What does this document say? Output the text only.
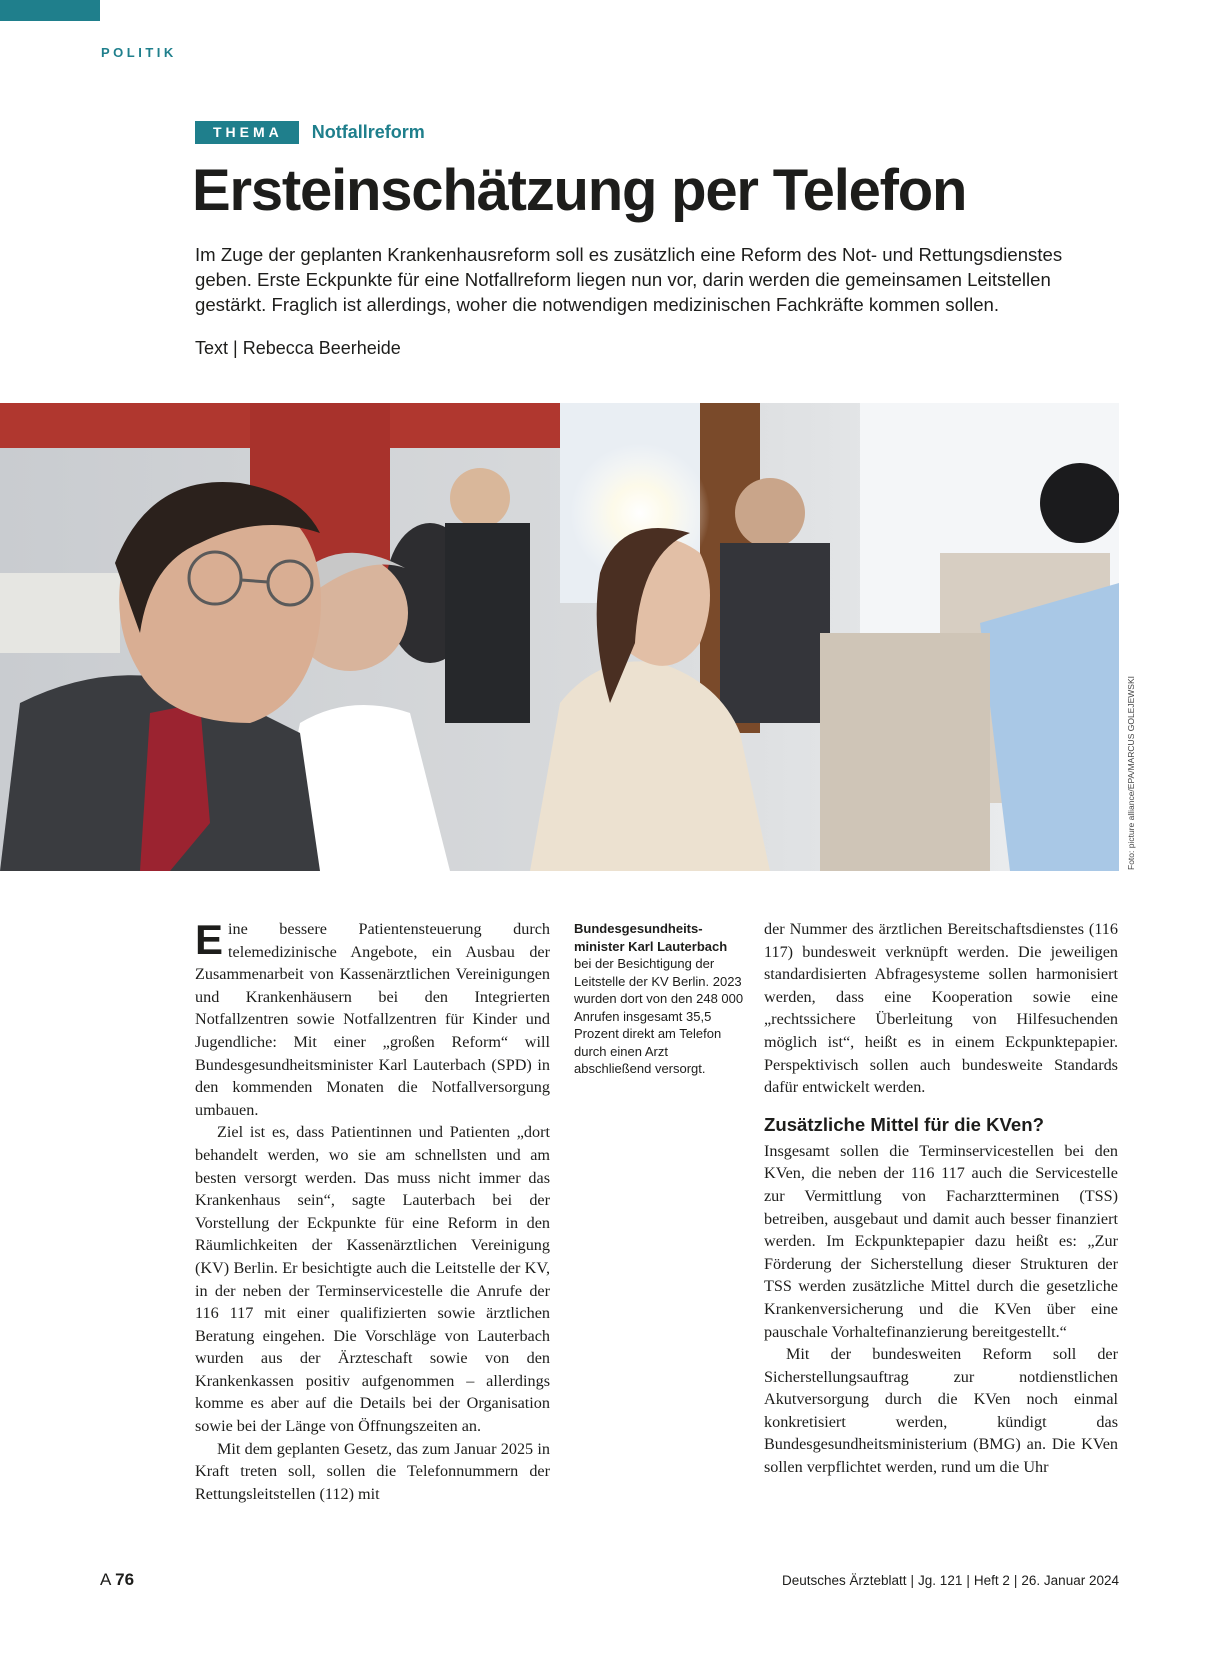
POLITIK
THEMA	Notfallreform
Ersteinschätzung per Telefon

Im Zuge der geplanten Krankenhausreform soll es zusätzlich eine Reform des Not- und Rettungsdienstes geben. Erste Eckpunkte für eine Notfallreform liegen nun vor, darin werden die gemeinsamen Leitstellen gestärkt. Fraglich ist allerdings, woher die notwendigen medizinischen Fachkräfte kommen sollen.

Text | Rebecca Beerheide
Foto: picture alliance/EPA/MARCUS GOLEJEWSKI

Eine bessere Patientensteuerung durch telemedizinische Angebote, ein Ausbau der Zusammenarbeit von Kassenärztlichen Vereinigungen und Krankenhäusern bei den Integrierten Notfallzentren sowie Notfallzentren für Kinder und Jugendliche: Mit einer „großen Reform“ will Bundesgesundheitsminister Karl Lauterbach (SPD) in den kommenden Monaten die Notfallversorgung umbauen.

Ziel ist es, dass Patientinnen und Patienten „dort behandelt werden, wo sie am schnellsten und am besten versorgt werden. Das muss nicht immer das Krankenhaus sein“, sagte Lauterbach bei der Vorstellung der Eckpunkte für eine Reform in den Räumlichkeiten der Kassenärztlichen Vereinigung (KV) Berlin. Er besichtigte auch die Leitstelle der KV, in der neben der Terminservicestelle die Anrufe der 116 117 mit einer qualifizierten sowie ärztlichen Beratung eingehen. Die Vorschläge von Lauterbach wurden aus der Ärzteschaft sowie von den Krankenkassen positiv aufgenommen – allerdings komme es aber auf die Details bei der Organisation sowie bei der Länge von Öffnungszeiten an.

Mit dem geplanten Gesetz, das zum Januar 2025 in Kraft treten soll, sollen die Telefonnummern der Rettungsleitstellen (112) mit

Bundesgesundheits-minister Karl Lauterbach bei der Besichtigung der Leitstelle der KV Berlin. 2023 wurden dort von den 248 000 Anrufen insgesamt 35,5 Prozent direkt am Telefon durch einen Arzt abschließend versorgt.

der Nummer des ärztlichen Bereitschaftsdienstes (116 117) bundesweit verknüpft werden. Die jeweiligen standardisierten Abfragesysteme sollen harmonisiert werden, dass eine Kooperation sowie eine „rechtssichere Überleitung von Hilfesuchenden möglich ist“, heißt es in einem Eckpunktepapier. Perspektivisch sollen auch bundesweite Standards dafür entwickelt werden.

Zusätzliche Mittel für die KVen?

Insgesamt sollen die Terminservicestellen bei den KVen, die neben der 116 117 auch die Servicestelle zur Vermittlung von Facharztterminen (TSS) betreiben, ausgebaut und damit auch besser finanziert werden. Im Eckpunktepapier dazu heißt es: „Zur Förderung der Sicherstellung dieser Strukturen der TSS werden zusätzliche Mittel durch die gesetzliche Krankenversicherung und die KVen über eine pauschale Vorhaltefinanzierung bereitgestellt.“

Mit der bundesweiten Reform soll der Sicherstellungsauftrag zur notdienstlichen Akutversorgung durch die KVen noch einmal konkretisiert werden, kündigt das Bundesgesundheitsministerium (BMG) an. Die KVen sollen verpflichtet werden, rund um die Uhr

A 76	Deutsches Ärzteblatt | Jg. 121 | Heft 2 | 26. Januar 2024
